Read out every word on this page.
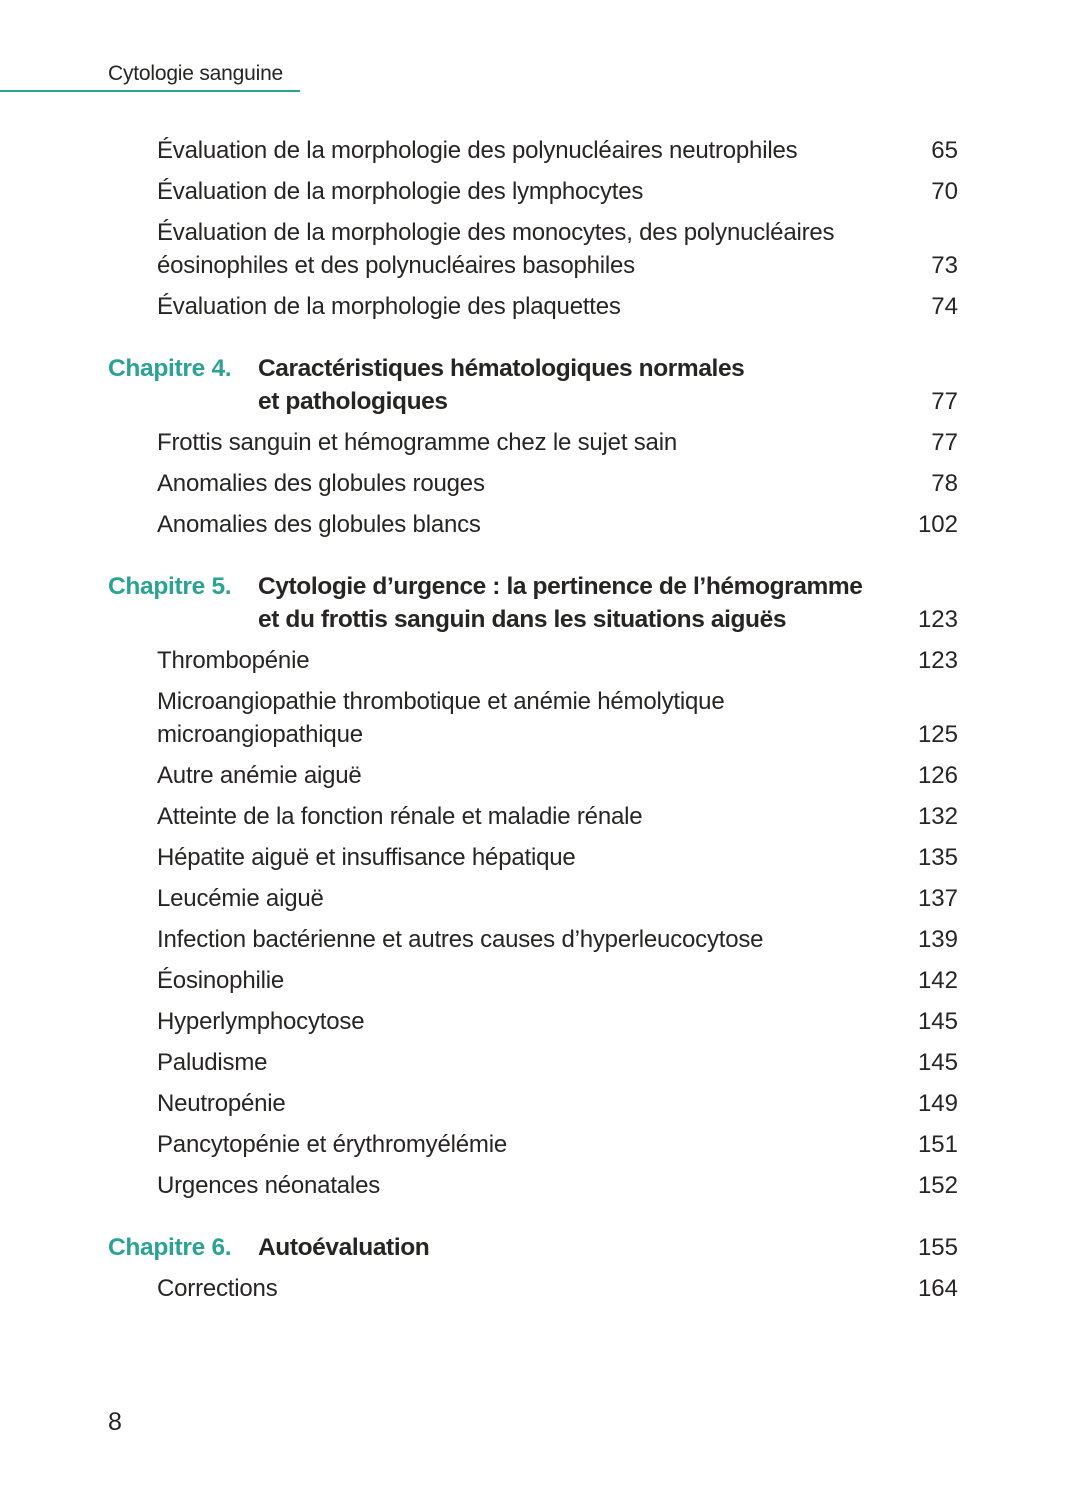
Cytologie sanguine
Évaluation de la morphologie des polynucléaires neutrophiles	65
Évaluation de la morphologie des lymphocytes	70
Évaluation de la morphologie des monocytes, des polynucléaires
éosinophiles et des polynucléaires basophiles	73
Évaluation de la morphologie des plaquettes	74
Chapitre 4.	Caractéristiques hématologiques normales
et pathologiques	77
Frottis sanguin et hémogramme chez le sujet sain	77
Anomalies des globules rouges	78
Anomalies des globules blancs	102
Chapitre 5.	Cytologie d’urgence : la pertinence de l’hémogramme
et du frottis sanguin dans les situations aiguës	123
Thrombopénie	123
Microangiopathie thrombotique et anémie hémolytique
microangiopathique	125
Autre anémie aiguë	126
Atteinte de la fonction rénale et maladie rénale	132
Hépatite aiguë et insuffisance hépatique	135
Leucémie aiguë	137
Infection bactérienne et autres causes d’hyperleucocytose	139
Éosinophilie	142
Hyperlymphocytose	145
Paludisme	145
Neutropénie	149
Pancytopénie et érythromyélémie	151
Urgences néonatales	152
Chapitre 6.	Autoévaluation	155
Corrections	164
8
